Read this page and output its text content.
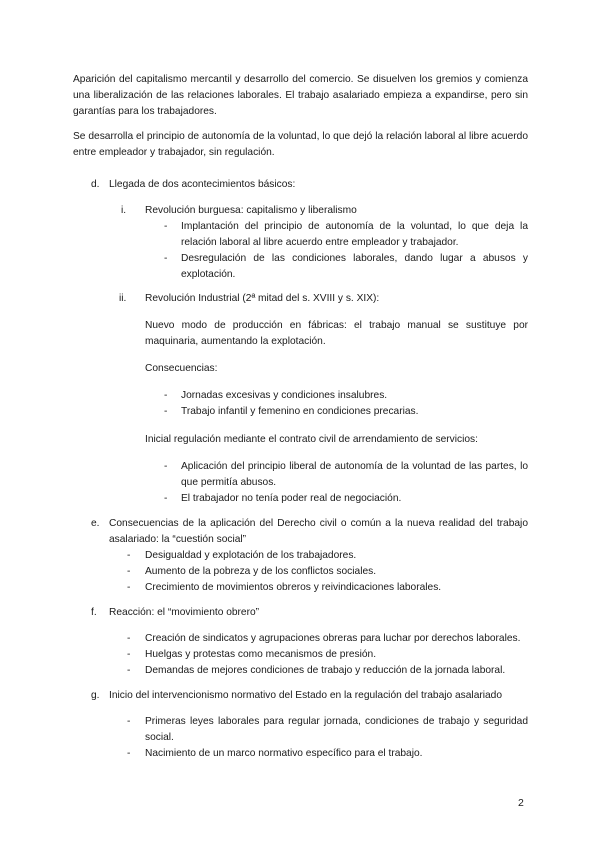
Aparición del capitalismo mercantil y desarrollo del comercio. Se disuelven los gremios y comienza una liberalización de las relaciones laborales. El trabajo asalariado empieza a expandirse, pero sin garantías para los trabajadores.
Se desarrolla el principio de autonomía de la voluntad, lo que dejó la relación laboral al libre acuerdo entre empleador y trabajador, sin regulación.
d. Llegada de dos acontecimientos básicos:
i. Revolución burguesa: capitalismo y liberalismo
- Implantación del principio de autonomía de la voluntad, lo que deja la relación laboral al libre acuerdo entre empleador y trabajador.
- Desregulación de las condiciones laborales, dando lugar a abusos y explotación.
ii. Revolución Industrial (2ª mitad del s. XVIII y s. XIX):
Nuevo modo de producción en fábricas: el trabajo manual se sustituye por maquinaria, aumentando la explotación.
Consecuencias:
- Jornadas excesivas y condiciones insalubres.
- Trabajo infantil y femenino en condiciones precarias.
Inicial regulación mediante el contrato civil de arrendamiento de servicios:
- Aplicación del principio liberal de autonomía de la voluntad de las partes, lo que permitía abusos.
- El trabajador no tenía poder real de negociación.
e. Consecuencias de la aplicación del Derecho civil o común a la nueva realidad del trabajo asalariado: la “cuestión social”
- Desigualdad y explotación de los trabajadores.
- Aumento de la pobreza y de los conflictos sociales.
- Crecimiento de movimientos obreros y reivindicaciones laborales.
f. Reacción: el “movimiento obrero”
- Creación de sindicatos y agrupaciones obreras para luchar por derechos laborales.
- Huelgas y protestas como mecanismos de presión.
- Demandas de mejores condiciones de trabajo y reducción de la jornada laboral.
g. Inicio del intervencionismo normativo del Estado en la regulación del trabajo asalariado
- Primeras leyes laborales para regular jornada, condiciones de trabajo y seguridad social.
- Nacimiento de un marco normativo específico para el trabajo.
2
